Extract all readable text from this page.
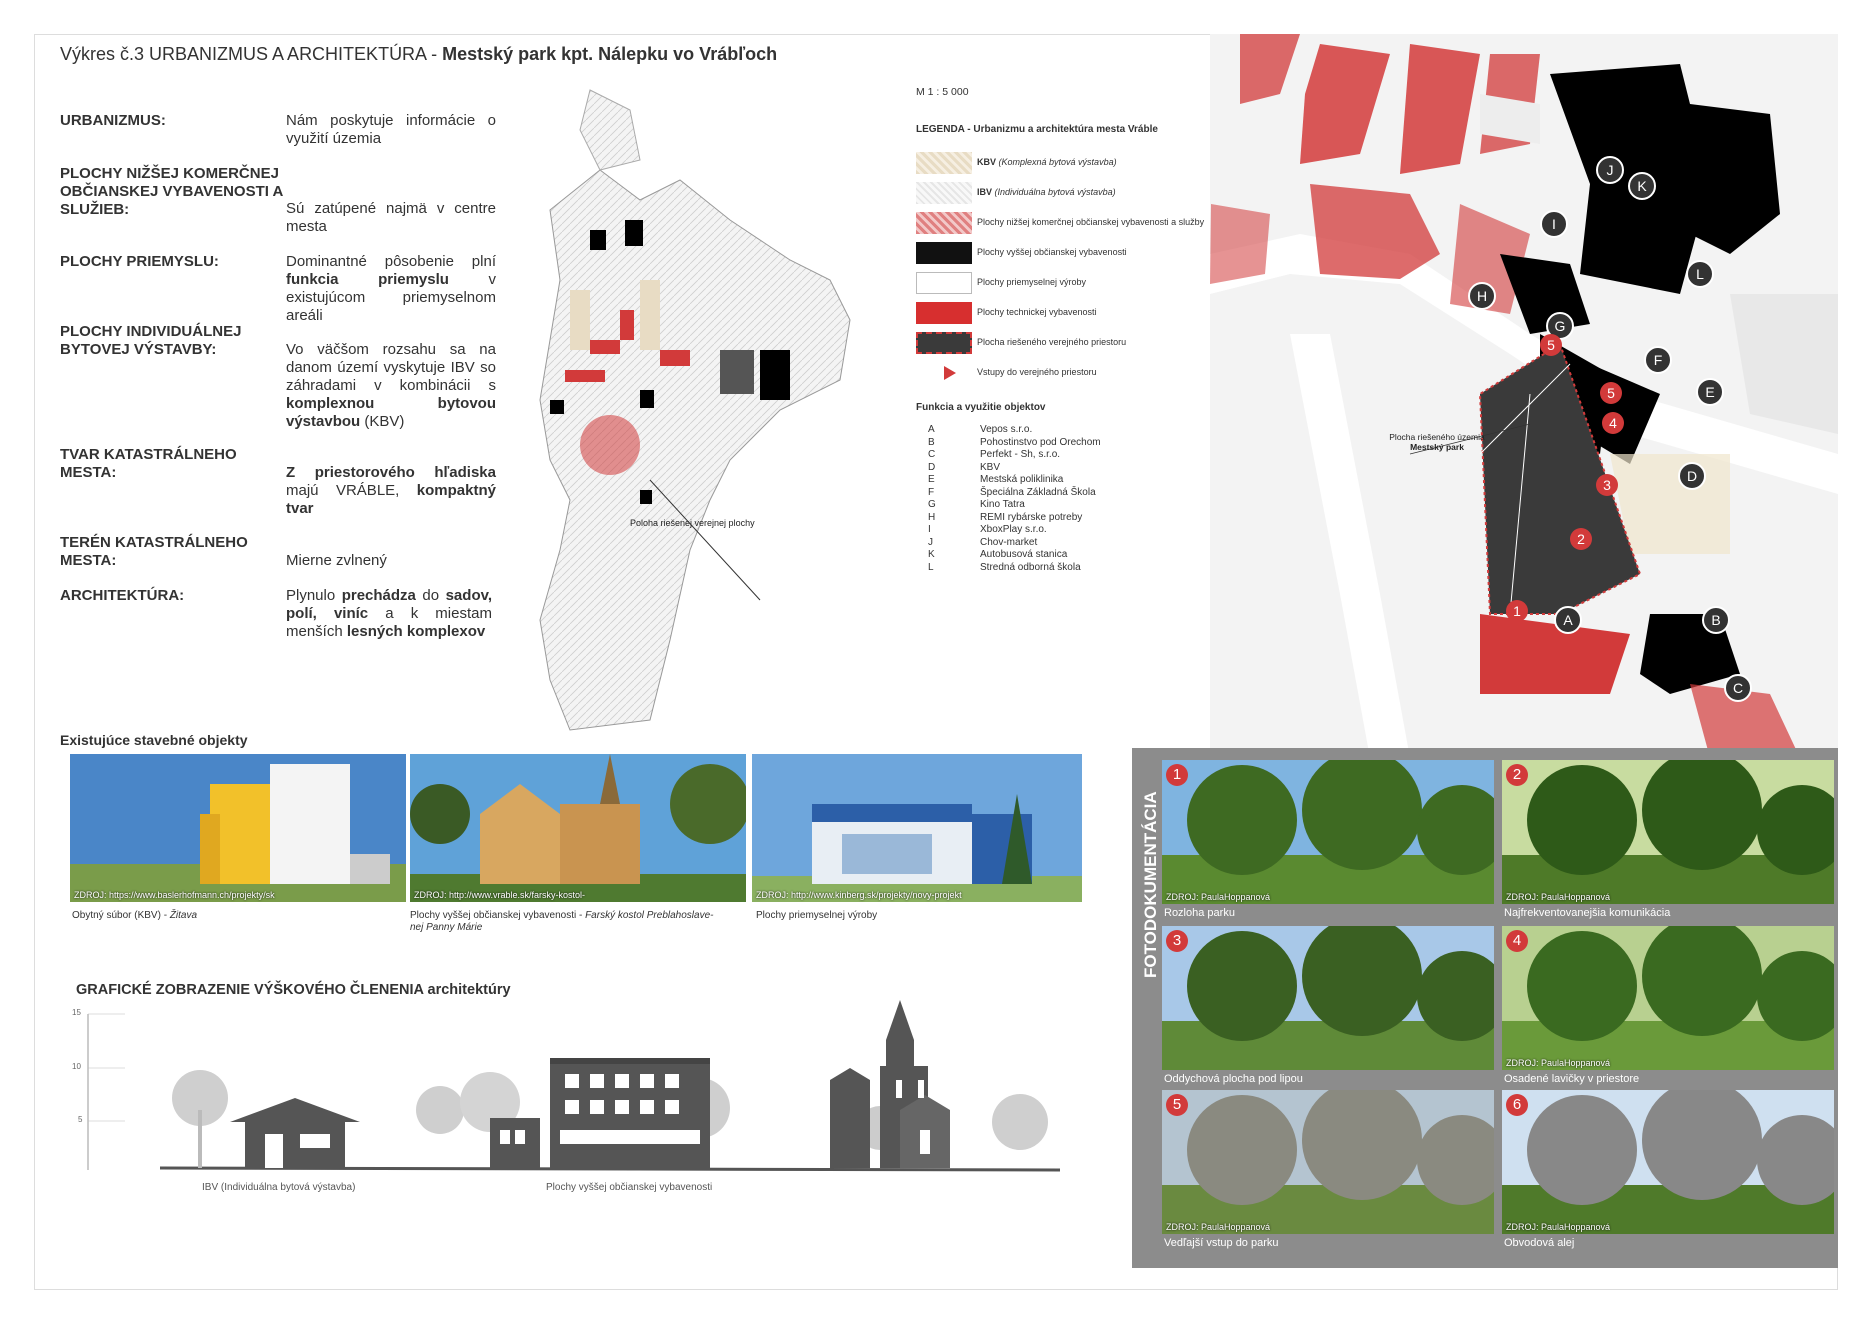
Výkres č.3 URBANIZMUS A ARCHITEKTÚRA - Mestský park kpt. Nálepku vo Vrábľoch
URBANIZMUS:	Nám poskytuje informácie o využití územia
PLOCHY NIŽŠEJ KOMERČNEJ OBČIANSKEJ VYBAVENOSTI A SLUŽIEB:	Sú zatúpené najmä v centre mesta
PLOCHY PRIEMYSLU:	Dominantné pôsobenie plní funkcia priemyslu v existujúcom priemyselnom areáli
PLOCHY INDIVIDUÁLNEJ BYTOVEJ VÝSTAVBY:	Vo väčšom rozsahu sa na danom území vyskytuje IBV so záhradami v kombinácii s komplexnou bytovou výstavbou (KBV)
TVAR KATASTRÁLNEHO MESTA:	Z priestorového hľadiska majú VRÁBLE, kompaktný tvar
TERÉN KATASTRÁLNEHO MESTA:	Mierne zvlnený
ARCHITEKTÚRA:	Plynulo prechádza do sadov, polí, viníc a k miestam menších lesných komplexov
Poloha riešenej verejnej plochy
M 1 : 5 000
LEGENDA - Urbanizmu a architektúra mesta Vráble
KBV (Komplexná bytová výstavba)
IBV (Individuálna bytová výstavba)
Plochy nižšej komerčnej občianskej vybavenosti a služby
Plochy vyššej občianskej vybavenosti
Plochy priemyselnej výroby
Plochy technickej vybavenosti
Plocha riešeného verejného priestoru
Vstupy do verejného priestoru
Funkcia a využitie objektov
A	Vepos s.r.o.
B	Pohostinstvo pod Orechom
C	Perfekt - Sh, s.r.o.
D	KBV
E	Mestská poliklinika
F	Špeciálna Základná Škola
G	Kino Tatra
H	REMI rybárske potreby
I	XboxPlay s.r.o.
J	Chov-market
K	Autobusová stanica
L	Stredná odborná škola
Plocha riešeného územia
Mestský park
J
K
I
L
H
G
F
E
D
A	B
C
5
5
4
3
2
1
Existujúce stavebné objekty
ZDROJ: https://www.baslerhofmann.ch/projekty/sk
Obytný súbor (KBV) - Žitava
ZDROJ: http://www.vrable.sk/farsky-kostol-
Plochy vyššej občianskej vybavenosti - Farský kostol Preblahoslave-
nej Panny Márie
ZDROJ: http://www.kinberg.sk/projekty/novy-projekt
Plochy priemyselnej výroby
GRAFICKÉ ZOBRAZENIE VÝŠKOVÉHO ČLENENIA architektúry
15
10
5
IBV (Individuálna bytová výstavba)	Plochy vyššej občianskej vybavenosti
FOTODOKUMENTÁCIA
1
ZDROJ: PaulaHoppanová
Rozloha parku
2
ZDROJ: PaulaHoppanová
Najfrekventovanejšia komunikácia
3
Oddychová plocha pod lipou
4
ZDROJ: PaulaHoppanová
Osadené lavičky v priestore
5
ZDROJ: PaulaHoppanová
Vedľajší vstup do parku
6
ZDROJ: PaulaHoppanová
Obvodová alej
